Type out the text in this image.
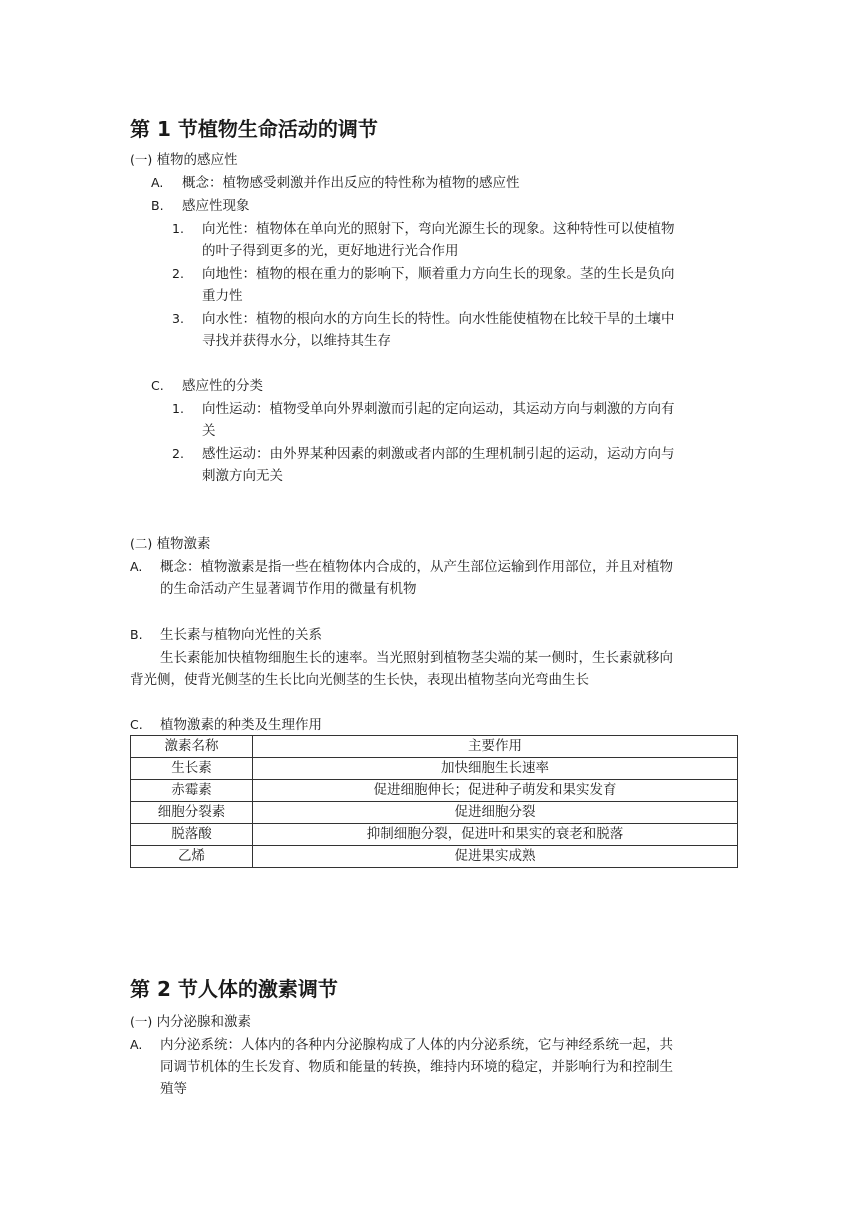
第 1 节植物生命活动的调节
(一) 植物的感应性
A. 概念：植物感受刺激并作出反应的特性称为植物的感应性
B. 感应性现象
1. 向光性：植物体在单向光的照射下，弯向光源生长的现象。这种特性可以使植物
的叶子得到更多的光，更好地进行光合作用
2. 向地性：植物的根在重力的影响下，顺着重力方向生长的现象。茎的生长是负向
重力性
3. 向水性：植物的根向水的方向生长的特性。向水性能使植物在比较干旱的土壤中
寻找并获得水分，以维持其生存
C. 感应性的分类
1. 向性运动：植物受单向外界刺激而引起的定向运动，其运动方向与刺激的方向有
关
2. 感性运动：由外界某种因素的刺激或者内部的生理机制引起的运动，运动方向与
刺激方向无关
(二) 植物激素
A. 概念：植物激素是指一些在植物体内合成的，从产生部位运输到作用部位，并且对植物
的生命活动产生显著调节作用的微量有机物
B. 生长素与植物向光性的关系
生长素能加快植物细胞生长的速率。当光照射到植物茎尖端的某一侧时，生长素就移向
背光侧，使背光侧茎的生长比向光侧茎的生长快，表现出植物茎向光弯曲生长
C. 植物激素的种类及生理作用
激素名称	主要作用
生长素	加快细胞生长速率
赤霉素	促进细胞伸长；促进种子萌发和果实发育
细胞分裂素	促进细胞分裂
脱落酸	抑制细胞分裂，促进叶和果实的衰老和脱落
乙烯	促进果实成熟
第 2 节人体的激素调节
(一) 内分泌腺和激素
A. 内分泌系统：人体内的各种内分泌腺构成了人体的内分泌系统，它与神经系统一起，共
同调节机体的生长发育、物质和能量的转换，维持内环境的稳定，并影响行为和控制生
殖等
